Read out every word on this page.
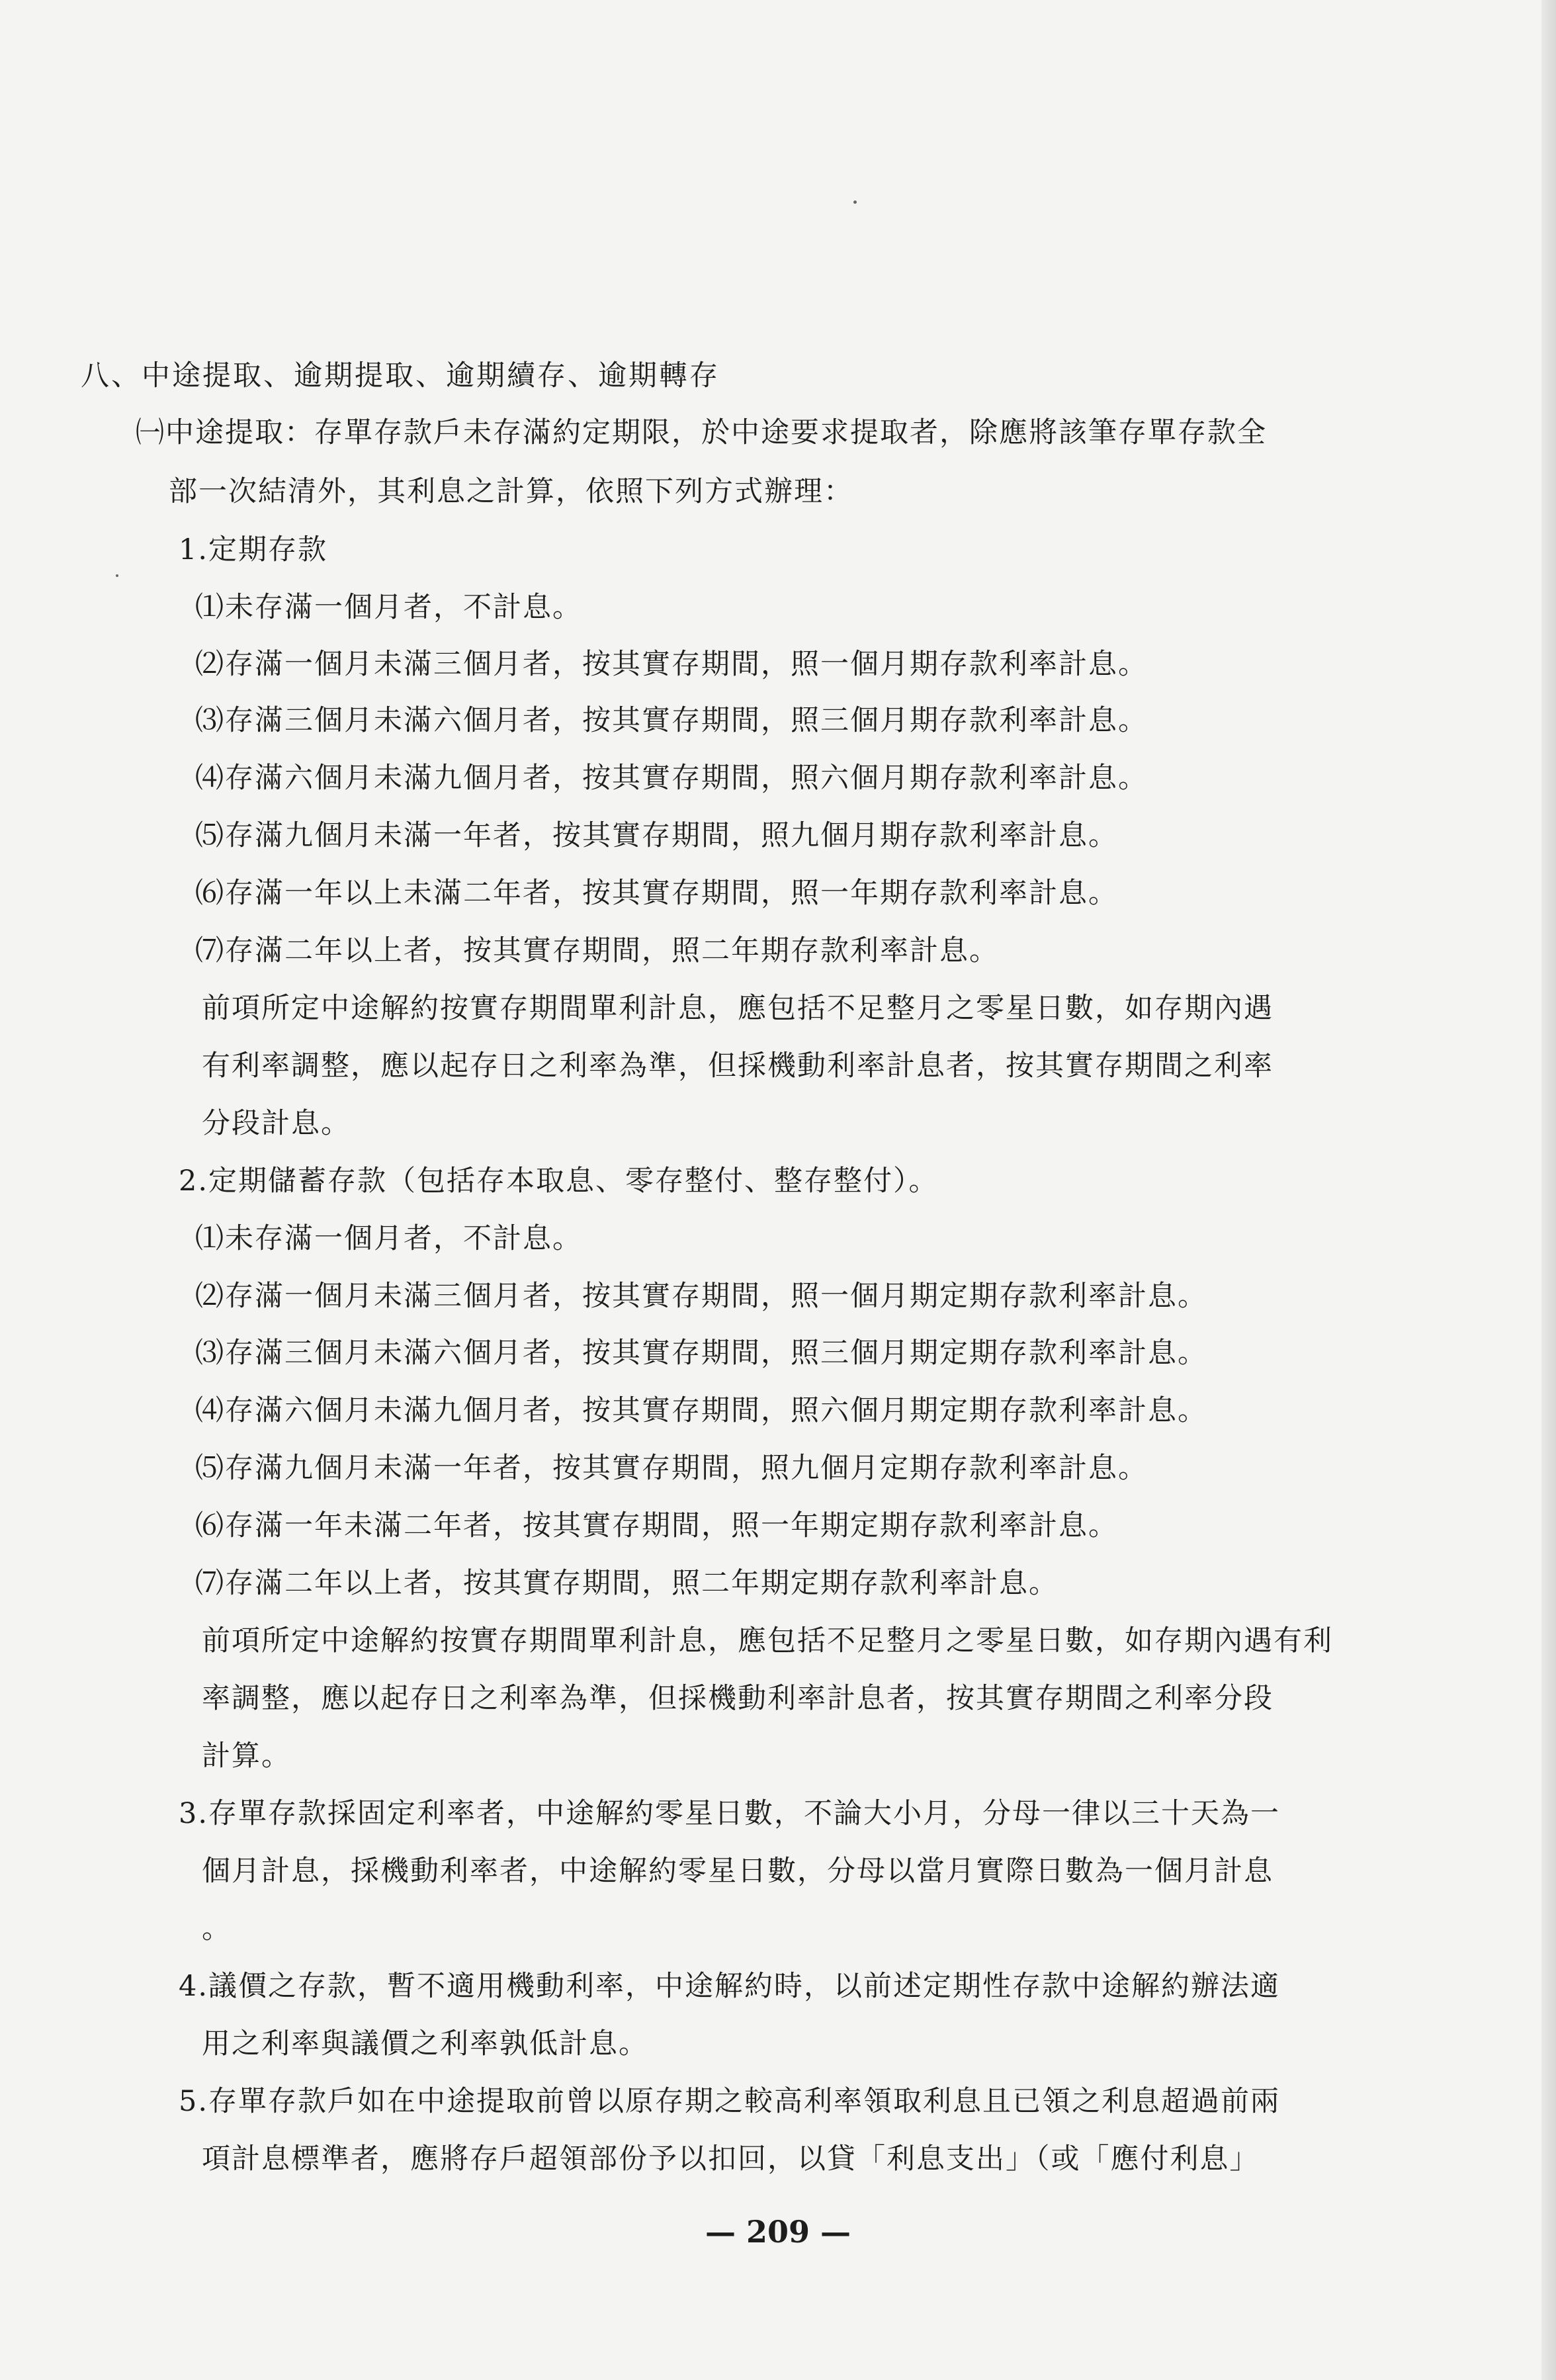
八、中途提取、逾期提取、逾期續存、逾期轉存
㈠中途提取：存單存款戶未存滿約定期限，於中途要求提取者，除應將該筆存單存款全
部一次結清外，其利息之計算，依照下列方式辦理：
1.定期存款
⑴未存滿一個月者，不計息。
⑵存滿一個月未滿三個月者，按其實存期間，照一個月期存款利率計息。
⑶存滿三個月未滿六個月者，按其實存期間，照三個月期存款利率計息。
⑷存滿六個月未滿九個月者，按其實存期間，照六個月期存款利率計息。
⑸存滿九個月未滿一年者，按其實存期間，照九個月期存款利率計息。
⑹存滿一年以上未滿二年者，按其實存期間，照一年期存款利率計息。
⑺存滿二年以上者，按其實存期間，照二年期存款利率計息。
前項所定中途解約按實存期間單利計息，應包括不足整月之零星日數，如存期內遇
有利率調整，應以起存日之利率為準，但採機動利率計息者，按其實存期間之利率
分段計息。
2.定期儲蓄存款（包括存本取息、零存整付、整存整付）。
⑴未存滿一個月者，不計息。
⑵存滿一個月未滿三個月者，按其實存期間，照一個月期定期存款利率計息。
⑶存滿三個月未滿六個月者，按其實存期間，照三個月期定期存款利率計息。
⑷存滿六個月未滿九個月者，按其實存期間，照六個月期定期存款利率計息。
⑸存滿九個月未滿一年者，按其實存期間，照九個月定期存款利率計息。
⑹存滿一年未滿二年者，按其實存期間，照一年期定期存款利率計息。
⑺存滿二年以上者，按其實存期間，照二年期定期存款利率計息。
前項所定中途解約按實存期間單利計息，應包括不足整月之零星日數，如存期內遇有利
率調整，應以起存日之利率為準，但採機動利率計息者，按其實存期間之利率分段
計算。
3.存單存款採固定利率者，中途解約零星日數，不論大小月，分母一律以三十天為一
個月計息，採機動利率者，中途解約零星日數，分母以當月實際日數為一個月計息
。
4.議價之存款，暫不適用機動利率，中途解約時，以前述定期性存款中途解約辦法適
用之利率與議價之利率孰低計息。
5.存單存款戶如在中途提取前曾以原存期之較高利率領取利息且已領之利息超過前兩
項計息標準者，應將存戶超領部份予以扣回，以貸「利息支出」（或「應付利息」
— 209 —
